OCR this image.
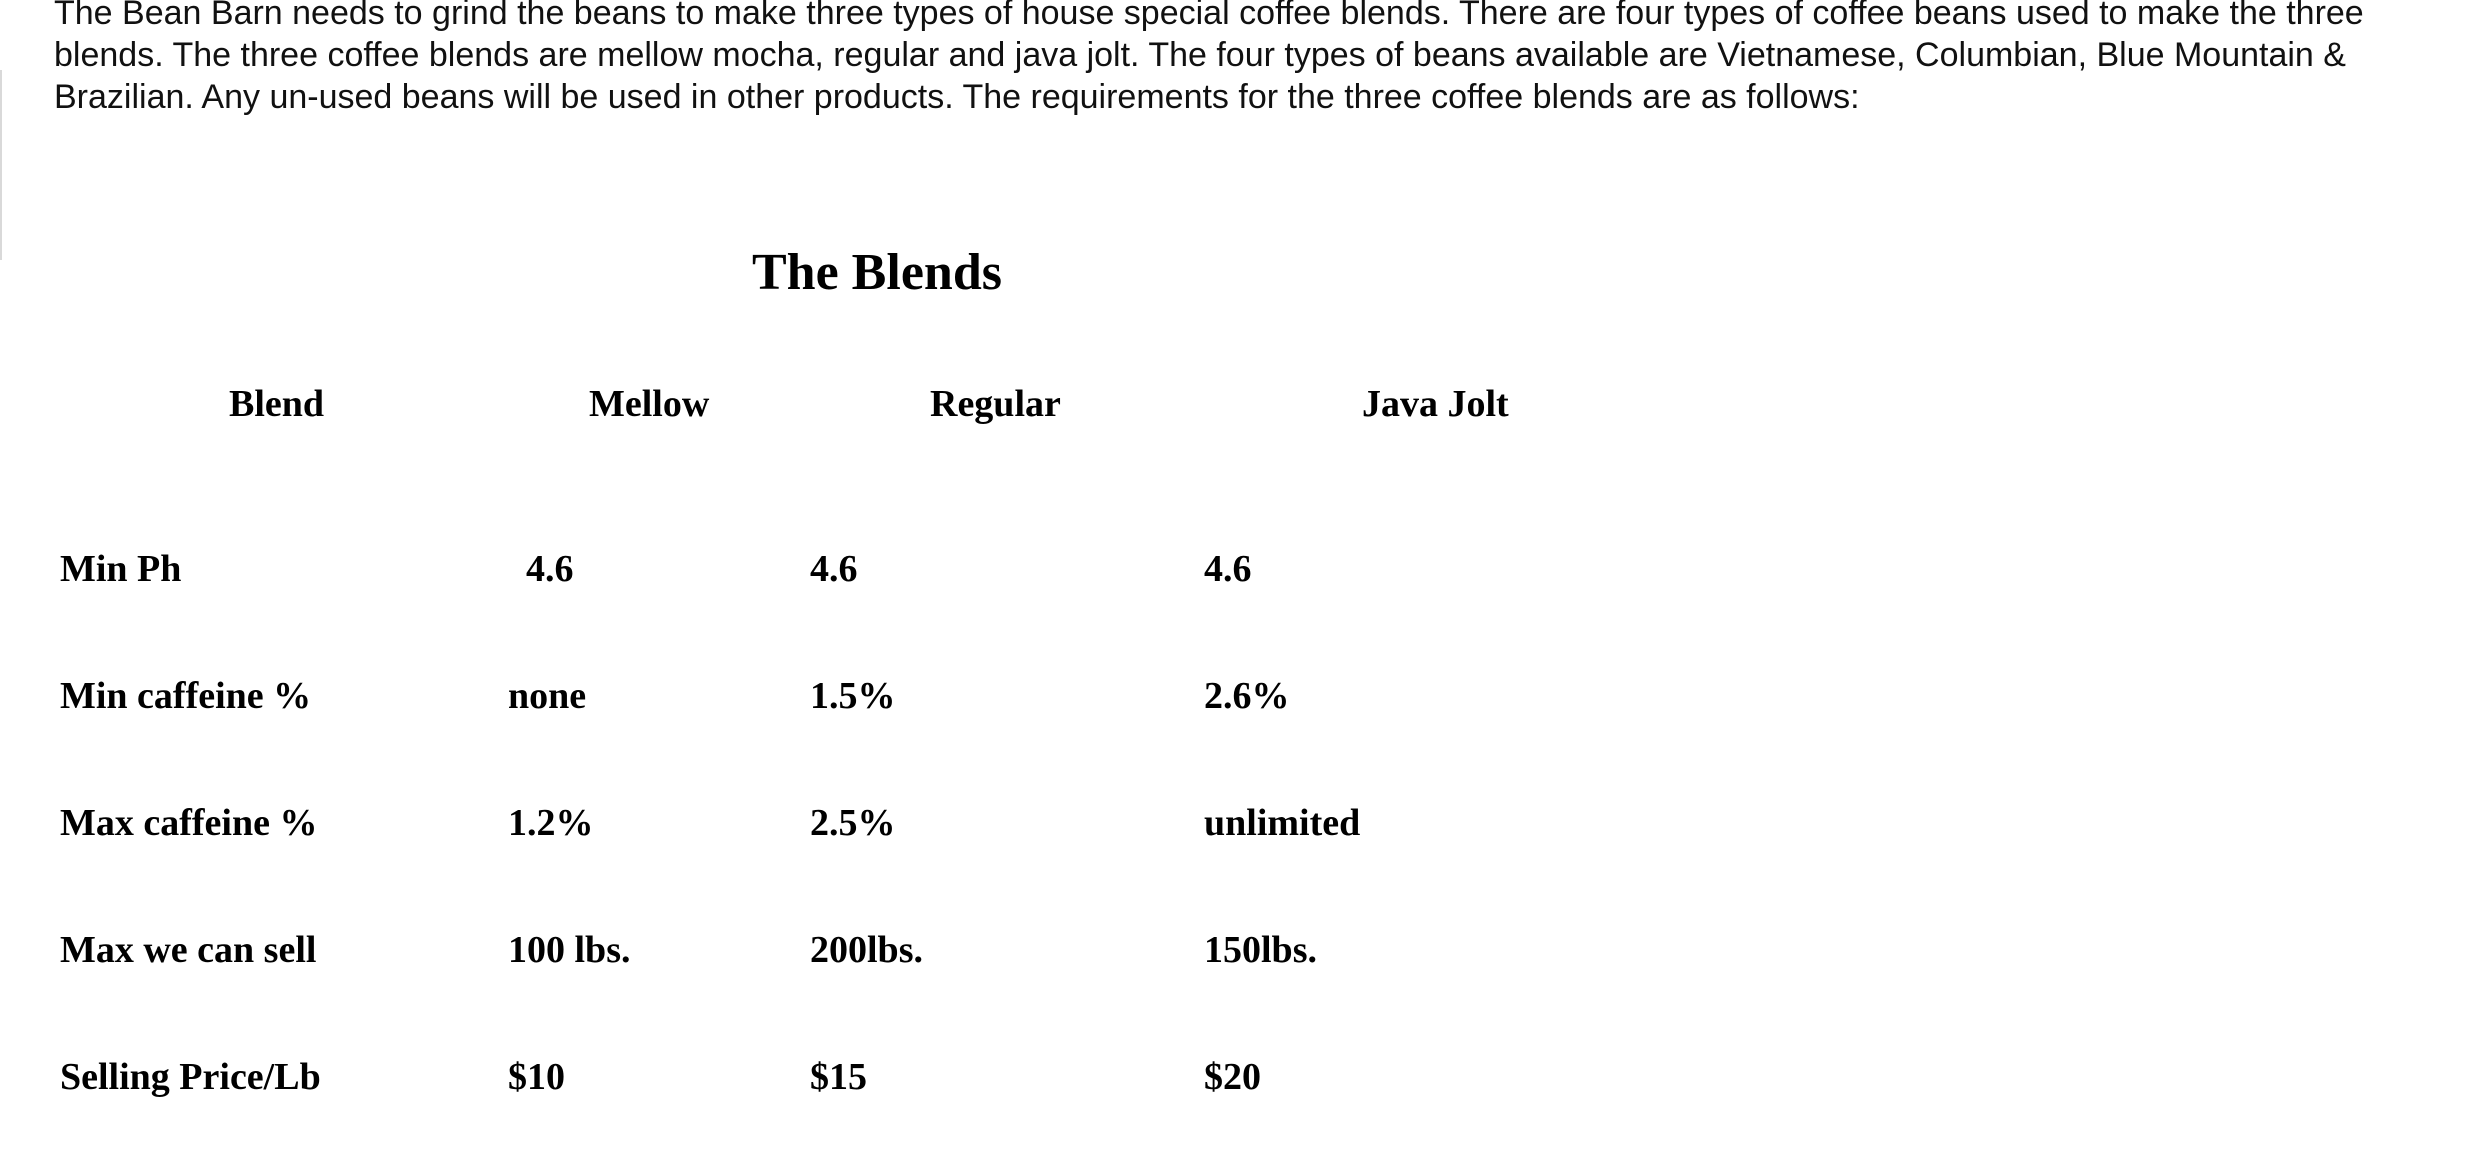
The Bean Barn needs to grind the beans to make three types of house special coffee blends. There are four types of coffee beans used to make the three blends. The three coffee blends are mellow mocha, regular and java jolt. The four types of beans available are Vietnamese, Columbian, Blue Mountain & Brazilian. Any un-used beans will be used in other products. The requirements for the three coffee blends are as follows:

The Blends
Blend	Mellow	Regular	Java Jolt
Min Ph	4.6	4.6	4.6
Min caffeine %	none	1.5%	2.6%
Max caffeine %	1.2%	2.5%	unlimited
Max we can sell	100 lbs.	200lbs.	150lbs.
Selling Price/Lb	$10	$15	$20
